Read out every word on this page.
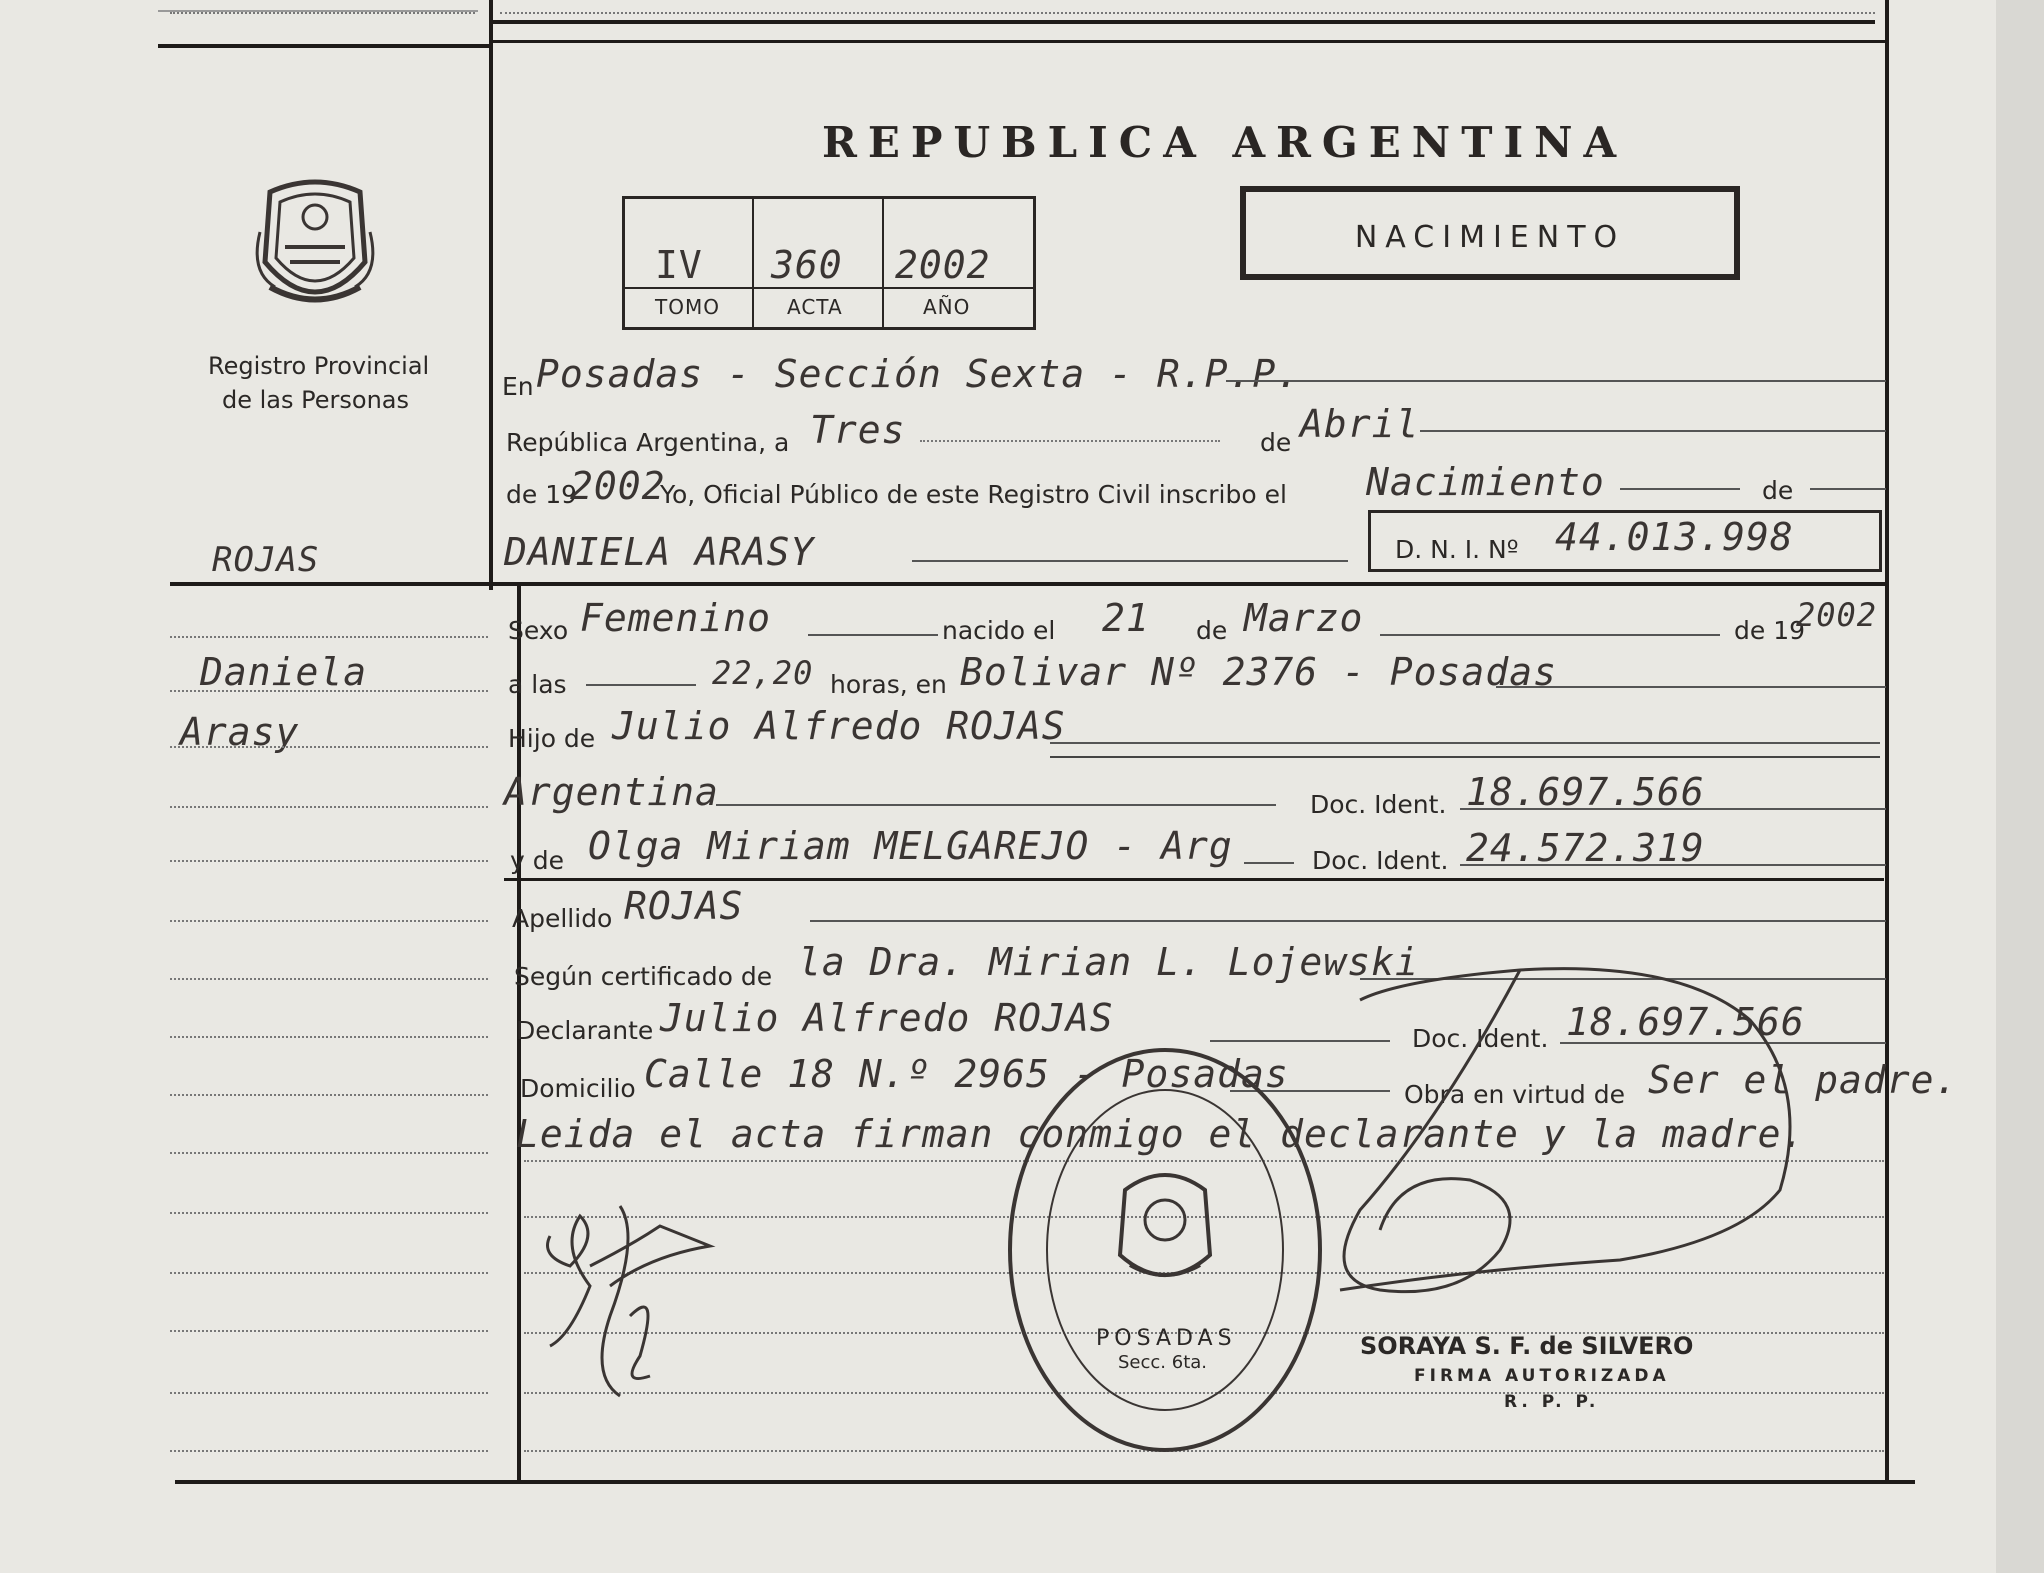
REPUBLICA ARGENTINA
IV 360 2002
TOMO	ACTA	AÑO
NACIMIENTO
Registro Provincial
de las Personas
ROJAS
Daniela
Arasy
En Posadas - Sección Sexta - R.P.P.
República Argentina, a Tres	de Abril
de 19
2002
Yo, Oficial Público de este Registro Civil inscribo el Nacimiento	de
DANIELA ARASY	D. N. I. Nº 44.013.998
Sexo Femenino	nacido el 21 de Marzo	de 19
2002
a las	22,20 horas, en Bolivar Nº 2376 - Posadas
Hijo de Julio Alfredo ROJAS
Argentina	Doc. Ident. 18.697.566
y de Olga Miriam MELGAREJO - Arg	Doc. Ident. 24.572.319
Apellido ROJAS
Según certificado de la Dra. Mirian L. Lojewski
Declarante Julio Alfredo ROJAS	Doc. Ident. 18.697.566
Domicilio Calle 18 N.º 2965 - Posadas	Obra en virtud de Ser el padre.
Leida el acta firman conmigo el declarante y la madre.
POSADAS
Secc. 6ta.
SORAYA S. F. de SILVERO
FIRMA AUTORIZADA
R. P. P.
